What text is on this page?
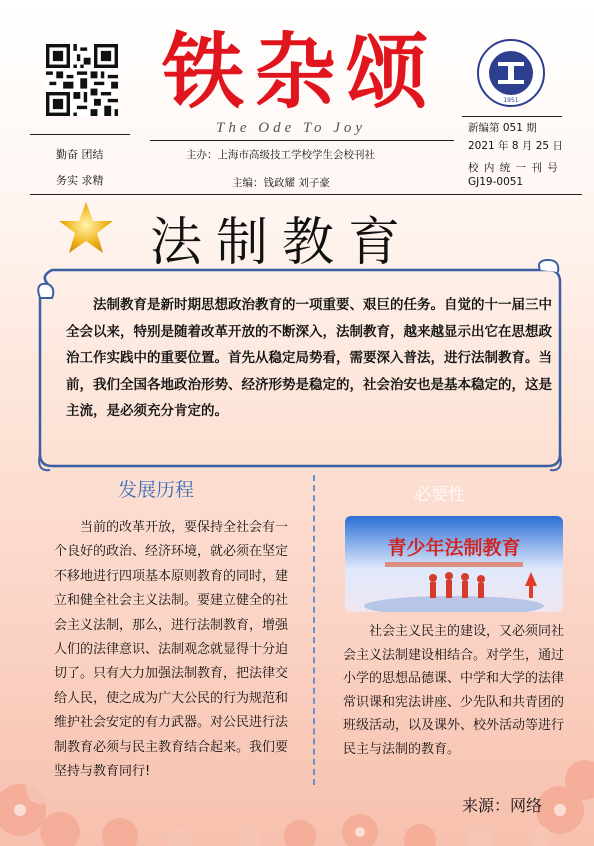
勤奋 团结
务实 求精
铁杂颂
The Ode To Joy
主办：上海市高级技工学校学生会校刊社
主编：钱政耀 刘子豪
1951
新编第 051 期
2021 年 8 月 25 日
校 内 统 一 刊 号
GJ19-0051
法制教育
法制教育是新时期思想政治教育的一项重要、艰巨的任务。自觉的十一届三中全会以来，特别是随着改革开放的不断深入，法制教育，越来越显示出它在思想政治工作实践中的重要位置。首先从稳定局势看，需要深入普法，进行法制教育。当前，我们全国各地政治形势、经济形势是稳定的，社会治安也是基本稳定的，这是主流，是必须充分肯定的。
发展历程
当前的改革开放，要保持全社会有一个良好的政治、经济环境，就必须在坚定不移地进行四项基本原则教育的同时，建立和健全社会主义法制。要建立健全的社会主义法制，那么，进行法制教育，增强人们的法律意识、法制观念就显得十分迫切了。只有大力加强法制教育，把法律交给人民，使之成为广大公民的行为规范和维护社会安定的有力武器。对公民进行法制教育必须与民主教育结合起来。我们要坚持与教育同行!
必要性
青少年法制教育
社会主义民主的建设，又必须同社会主义法制建设相结合。对学生，通过小学的思想品德课、中学和大学的法律常识课和宪法讲座、少先队和共青团的班级活动，以及课外、校外活动等进行民主与法制的教育。
来源：网络
